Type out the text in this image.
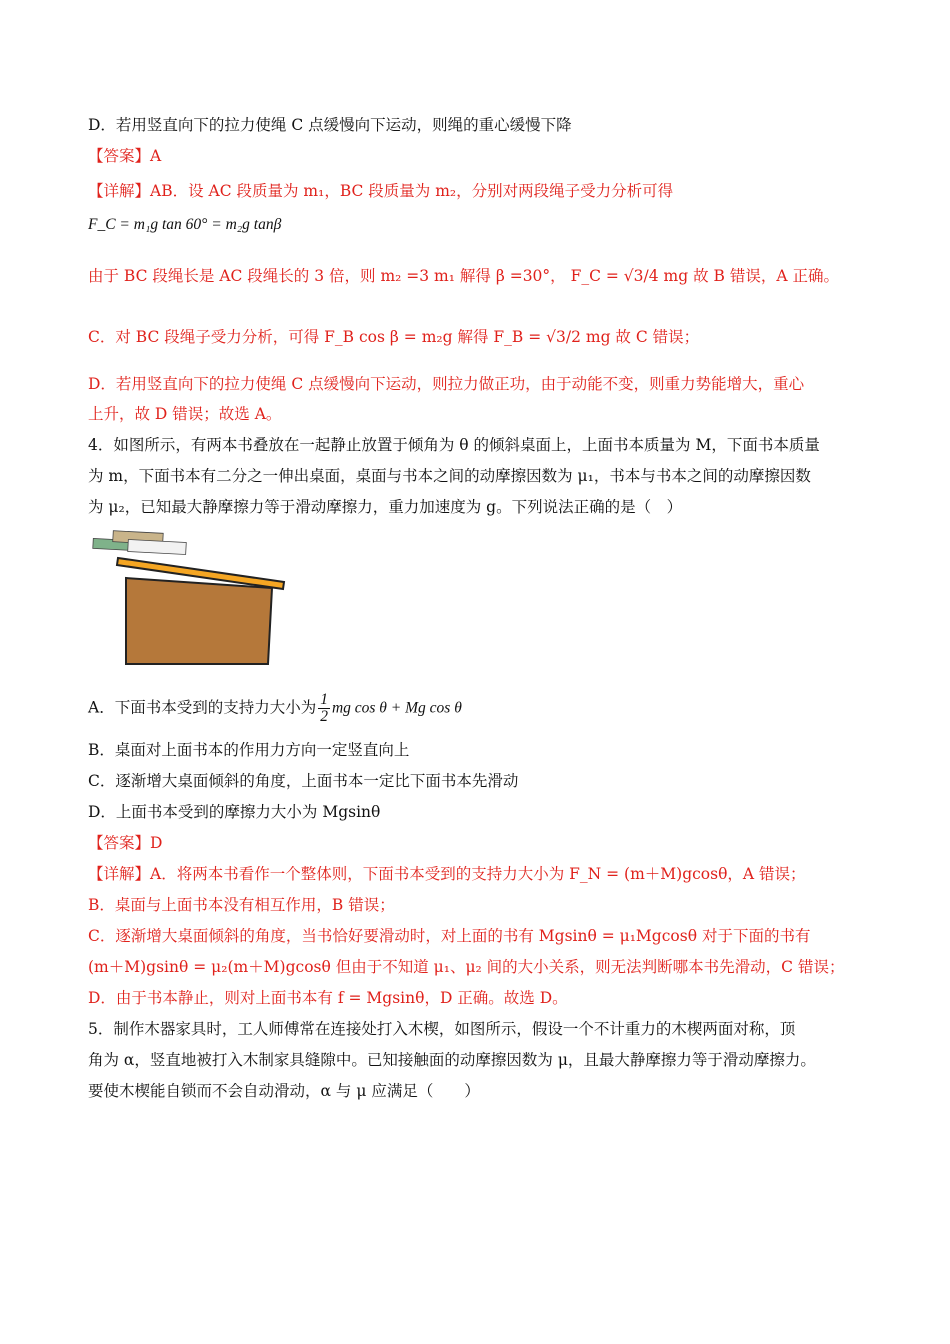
D．若用竖直向下的拉力使绳 C 点缓慢向下运动，则绳的重心缓慢下降
【答案】A
【详解】AB．设 AC 段质量为 m₁，BC 段质量为 m₂，分别对两段绳子受力分析可得
F_C = m₁g tan 60° = m₂g tanβ
由于 BC 段绳长是 AC 段绳长的 3 倍，则 m₂ =3 m₁ 解得 β =30°， F_C = √3/4 mg 故 B 错误，A 正确。
C．对 BC 段绳子受力分析，可得 F_B cos β = m₂g 解得 F_B = √3/2 mg 故 C 错误；
D．若用竖直向下的拉力使绳 C 点缓慢向下运动，则拉力做正功，由于动能不变，则重力势能增大，重心
上升，故 D 错误；故选 A。
4．如图所示，有两本书叠放在一起静止放置于倾角为 θ 的倾斜桌面上，上面书本质量为 M，下面书本质量
为 m，下面书本有二分之一伸出桌面，桌面与书本之间的动摩擦因数为 μ₁，书本与书本之间的动摩擦因数
为 μ₂，已知最大静摩擦力等于滑动摩擦力，重力加速度为 g。下列说法正确的是（　）
A．下面书本受到的支持力大小为 $\frac{1}{2}$ mg cos θ + Mg cos θ
B．桌面对上面书本的作用力方向一定竖直向上
C．逐渐增大桌面倾斜的角度，上面书本一定比下面书本先滑动
D．上面书本受到的摩擦力大小为 Mgsinθ
【答案】D
【详解】A．将两本书看作一个整体则，下面书本受到的支持力大小为 F_N = (m＋M)gcosθ，A 错误；
B．桌面与上面书本没有相互作用，B 错误；
C．逐渐增大桌面倾斜的角度，当书恰好要滑动时，对上面的书有 Mgsinθ = μ₁Mgcosθ 对于下面的书有
(m＋M)gsinθ = μ₂(m＋M)gcosθ 但由于不知道 μ₁、μ₂ 间的大小关系，则无法判断哪本书先滑动，C 错误；
D．由于书本静止，则对上面书本有 f = Mgsinθ，D 正确。故选 D。
5．制作木器家具时，工人师傅常在连接处打入木楔，如图所示，假设一个不计重力的木楔两面对称，顶
角为 α，竖直地被打入木制家具缝隙中。已知接触面的动摩擦因数为 μ，且最大静摩擦力等于滑动摩擦力。
要使木楔能自锁而不会自动滑动，α 与 μ 应满足（　　）
